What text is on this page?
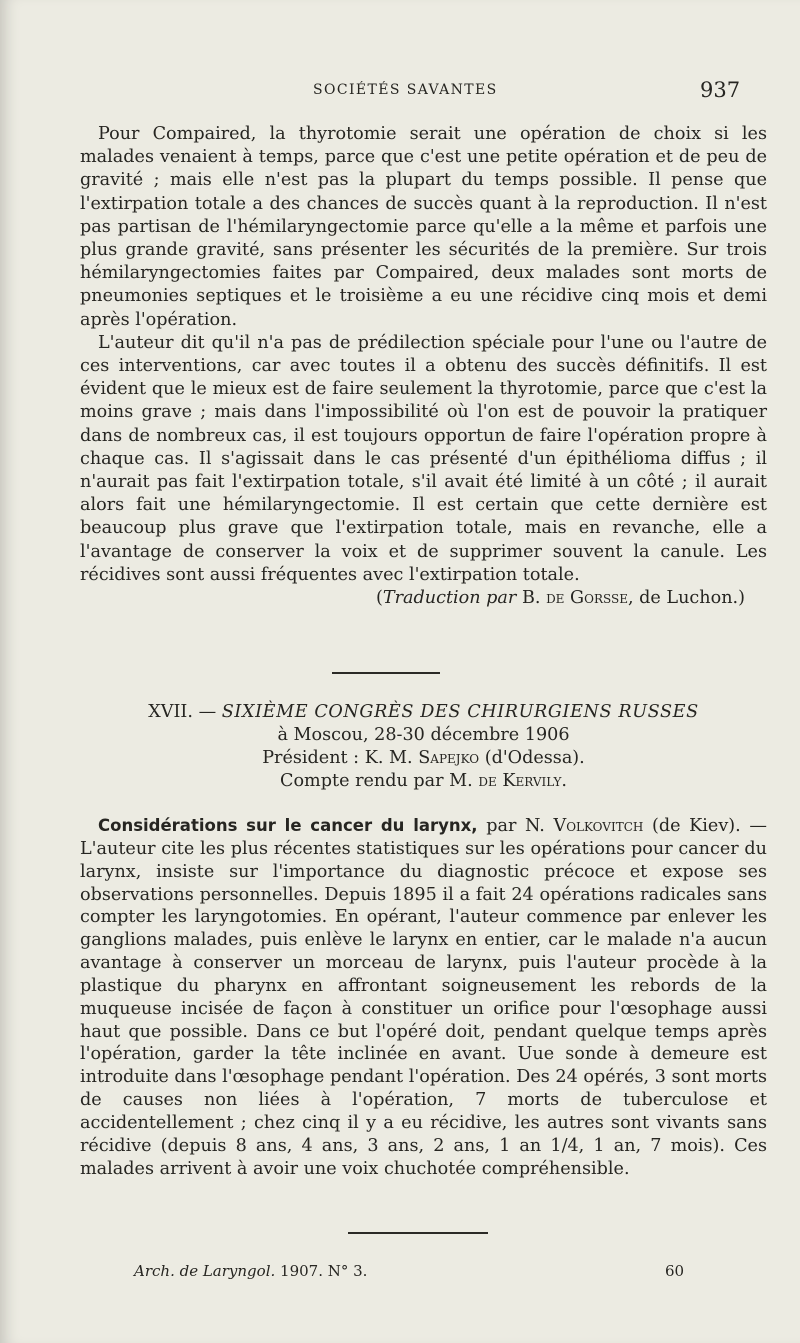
SOCIÉTÉS SAVANTES	937

Pour Compaired, la thyrotomie serait une opération de choix si les malades venaient à temps, parce que c'est une petite opération et de peu de gravité ; mais elle n'est pas la plupart du temps possible. Il pense que l'extirpation totale a des chances de succès quant à la reproduction. Il n'est pas partisan de l'hémilaryngectomie parce qu'elle a la même et parfois une plus grande gravité, sans présenter les sécurités de la première. Sur trois hémilaryngectomies faites par Compaired, deux malades sont morts de pneumonies septiques et le troisième a eu une récidive cinq mois et demi après l'opération.

L'auteur dit qu'il n'a pas de prédilection spéciale pour l'une ou l'autre de ces interventions, car avec toutes il a obtenu des succès définitifs. Il est évident que le mieux est de faire seulement la thyrotomie, parce que c'est la moins grave ; mais dans l'impossibilité où l'on est de pouvoir la pratiquer dans de nombreux cas, il est toujours opportun de faire l'opération propre à chaque cas. Il s'agissait dans le cas présenté d'un épithélioma diffus ; il n'aurait pas fait l'extirpation totale, s'il avait été limité à un côté ; il aurait alors fait une hémilaryngectomie. Il est certain que cette dernière est beaucoup plus grave que l'extirpation totale, mais en revanche, elle a l'avantage de conserver la voix et de supprimer souvent la canule. Les récidives sont aussi fréquentes avec l'extirpation totale.

(Traduction par B. de Gorsse, de Luchon.)

XVII. — SIXIÈME CONGRÈS DES CHIRURGIENS RUSSES
à Moscou, 28-30 décembre 1906
Président : K. M. Sapejko (d'Odessa).
Compte rendu par M. de Kervily.

Considérations sur le cancer du larynx, par N. Volkovitch (de Kiev). — L'auteur cite les plus récentes statistiques sur les opérations pour cancer du larynx, insiste sur l'importance du diagnostic précoce et expose ses observations personnelles. Depuis 1895 il a fait 24 opérations radicales sans compter les laryngotomies. En opérant, l'auteur commence par enlever les ganglions malades, puis enlève le larynx en entier, car le malade n'a aucun avantage à conserver un morceau de larynx, puis l'auteur procède à la plastique du pharynx en affrontant soigneusement les rebords de la muqueuse incisée de façon à constituer un orifice pour l'œsophage aussi haut que possible. Dans ce but l'opéré doit, pendant quelque temps après l'opération, garder la tête inclinée en avant. Uue sonde à demeure est introduite dans l'œsophage pendant l'opération. Des 24 opérés, 3 sont morts de causes non liées à l'opération, 7 morts de tuberculose et accidentellement ; chez cinq il y a eu récidive, les autres sont vivants sans récidive (depuis 8 ans, 4 ans, 3 ans, 2 ans, 1 an 1/4, 1 an, 7 mois). Ces malades arrivent à avoir une voix chuchotée compréhensible.

Arch. de Laryngol. 1907. N° 3.	60
